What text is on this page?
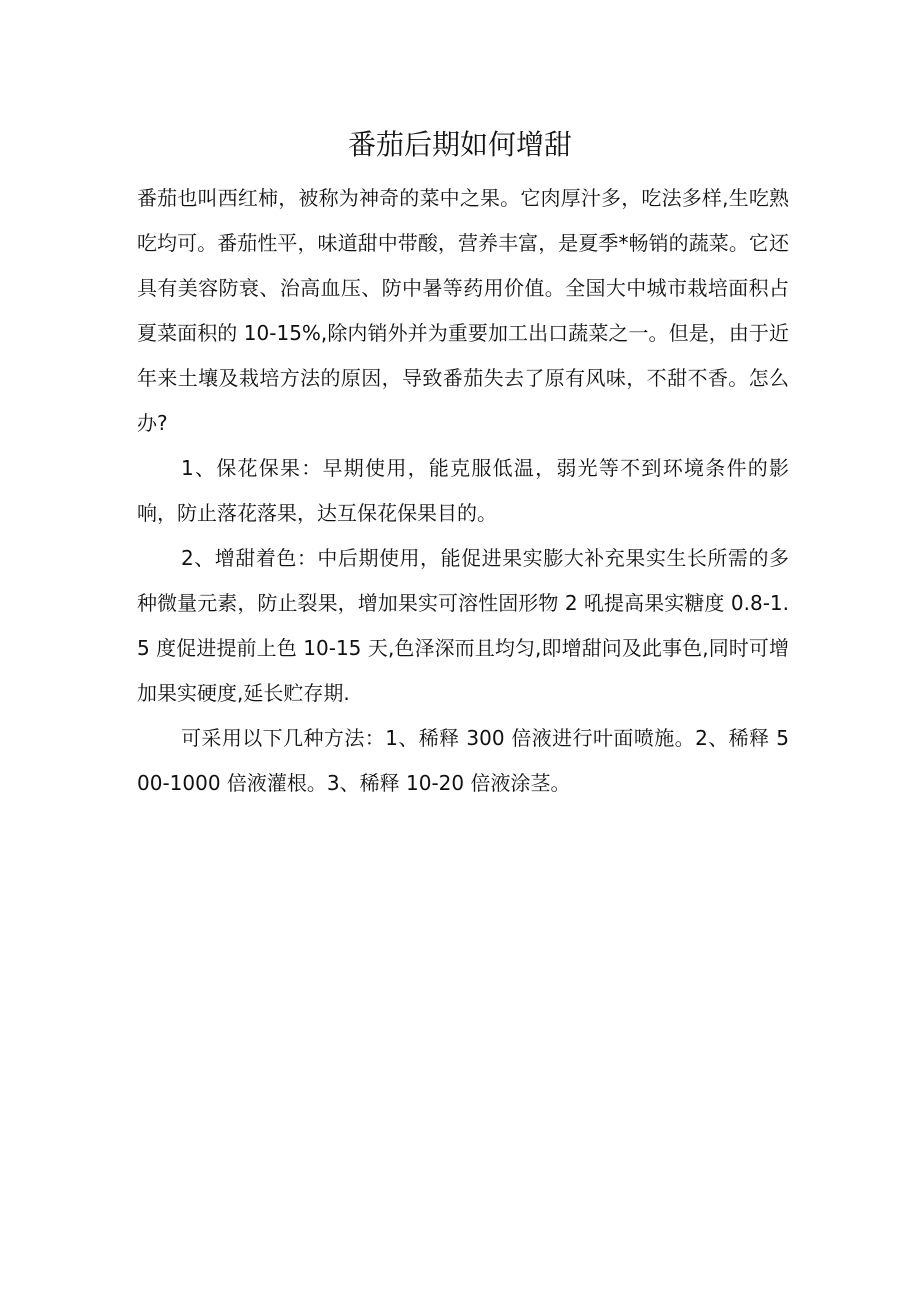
番茄后期如何增甜

番茄也叫西红柿，被称为神奇的菜中之果。它肉厚汁多，吃法多样,生吃熟吃均可。番茄性平，味道甜中带酸，营养丰富，是夏季*畅销的蔬菜。它还具有美容防衰、治高血压、防中暑等药用价值。全国大中城市栽培面积占夏菜面积的 10-15%,除内销外并为重要加工出口蔬菜之一。但是，由于近年来土壤及栽培方法的原因，导致番茄失去了原有风味，不甜不香。怎么办?

1、保花保果：早期使用，能克服低温，弱光等不到环境条件的影响，防止落花落果，达互保花保果目的。

2、增甜着色：中后期使用，能促进果实膨大补充果实生长所需的多种微量元素，防止裂果，增加果实可溶性固形物 2 吼提高果实糖度 0.8-1.5 度促进提前上色 10-15 天,色泽深而且均匀,即增甜问及此事色,同时可增加果实硬度,延长贮存期.

可采用以下几种方法：1、稀释 300 倍液进行叶面喷施。2、稀释 500-1000 倍液灌根。3、稀释 10-20 倍液涂茎。
